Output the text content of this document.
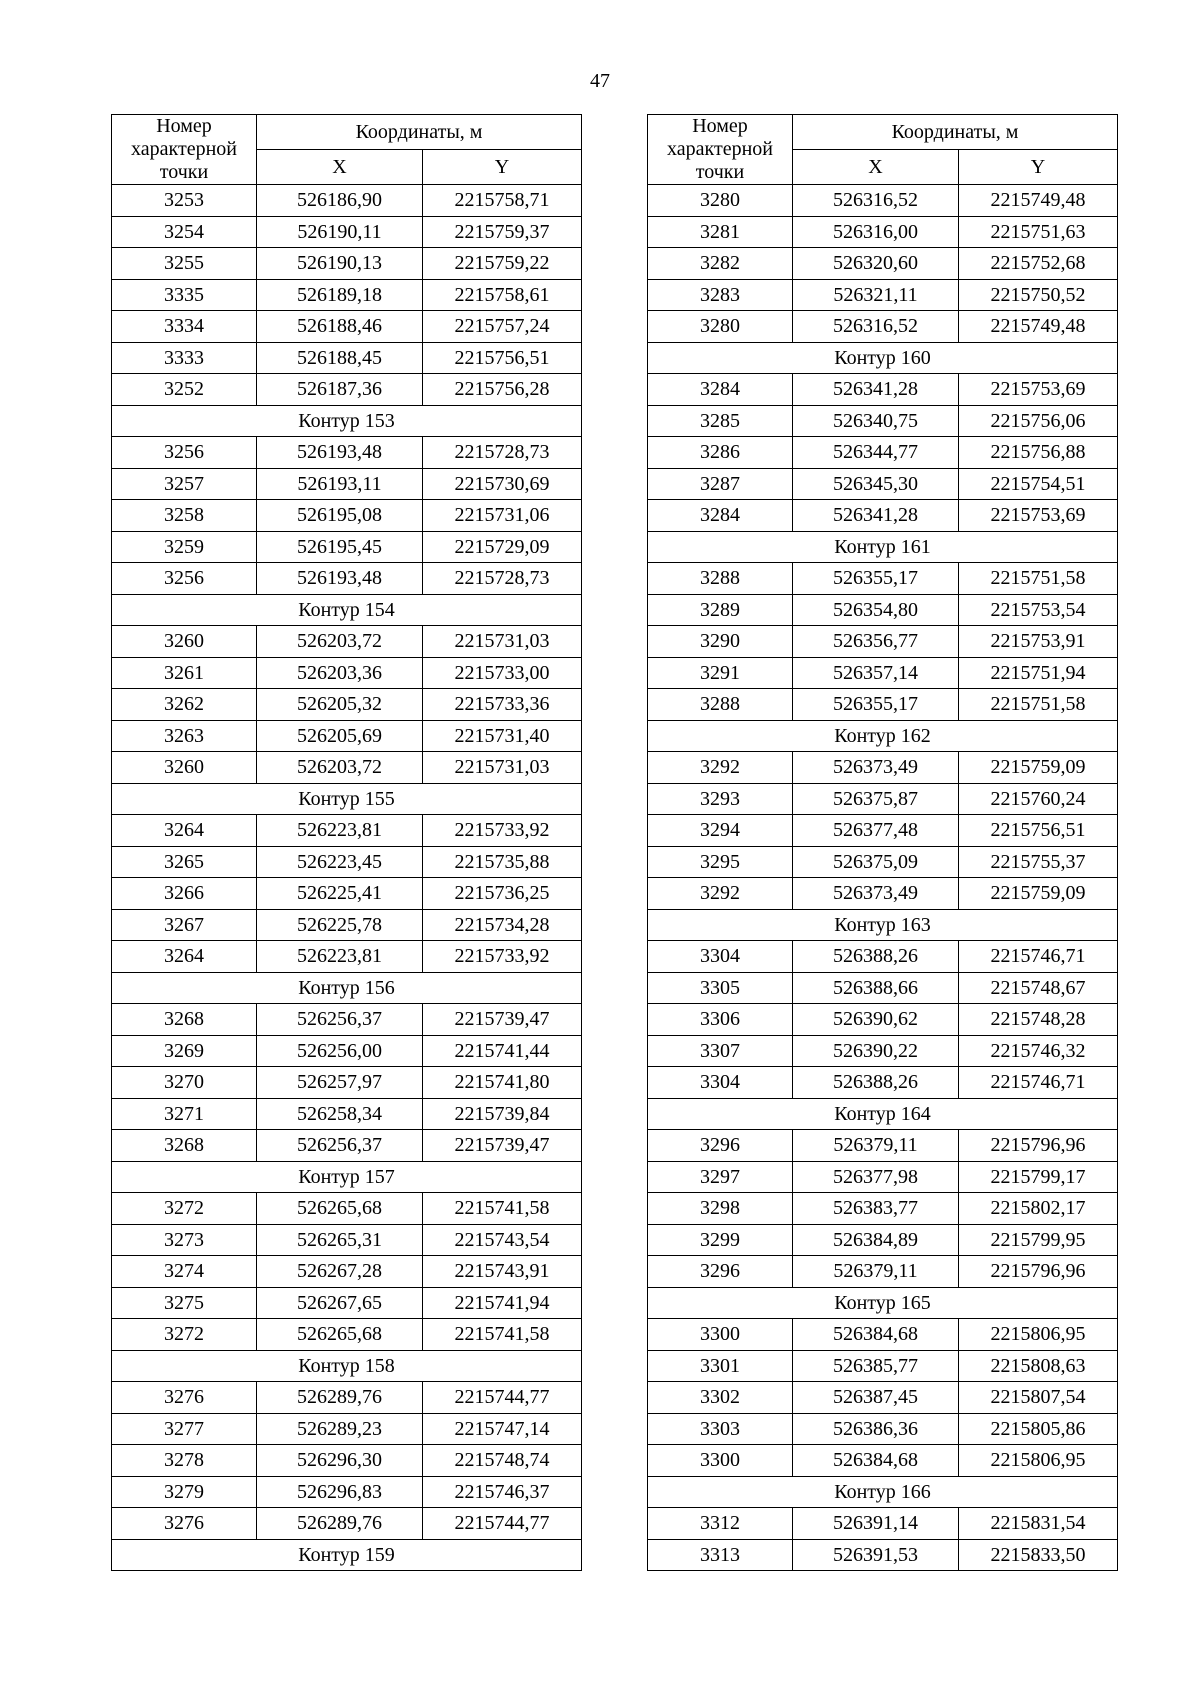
47
Номер характерной точки	Координаты, м	
	X	Y
3253	526186,90	2215758,71
3254	526190,11	2215759,37
3255	526190,13	2215759,22
3335	526189,18	2215758,61
3334	526188,46	2215757,24
3333	526188,45	2215756,51
3252	526187,36	2215756,28
Контур 153		
3256	526193,48	2215728,73
3257	526193,11	2215730,69
3258	526195,08	2215731,06
3259	526195,45	2215729,09
3256	526193,48	2215728,73
Контур 154		
3260	526203,72	2215731,03
3261	526203,36	2215733,00
3262	526205,32	2215733,36
3263	526205,69	2215731,40
3260	526203,72	2215731,03
Контур 155		
3264	526223,81	2215733,92
3265	526223,45	2215735,88
3266	526225,41	2215736,25
3267	526225,78	2215734,28
3264	526223,81	2215733,92
Контур 156		
3268	526256,37	2215739,47
3269	526256,00	2215741,44
3270	526257,97	2215741,80
3271	526258,34	2215739,84
3268	526256,37	2215739,47
Контур 157		
3272	526265,68	2215741,58
3273	526265,31	2215743,54
3274	526267,28	2215743,91
3275	526267,65	2215741,94
3272	526265,68	2215741,58
Контур 158		
3276	526289,76	2215744,77
3277	526289,23	2215747,14
3278	526296,30	2215748,74
3279	526296,83	2215746,37
3276	526289,76	2215744,77
Контур 159		
Номер характерной точки	Координаты, м	
	X	Y
3280	526316,52	2215749,48
3281	526316,00	2215751,63
3282	526320,60	2215752,68
3283	526321,11	2215750,52
3280	526316,52	2215749,48
Контур 160		
3284	526341,28	2215753,69
3285	526340,75	2215756,06
3286	526344,77	2215756,88
3287	526345,30	2215754,51
3284	526341,28	2215753,69
Контур 161		
3288	526355,17	2215751,58
3289	526354,80	2215753,54
3290	526356,77	2215753,91
3291	526357,14	2215751,94
3288	526355,17	2215751,58
Контур 162		
3292	526373,49	2215759,09
3293	526375,87	2215760,24
3294	526377,48	2215756,51
3295	526375,09	2215755,37
3292	526373,49	2215759,09
Контур 163		
3304	526388,26	2215746,71
3305	526388,66	2215748,67
3306	526390,62	2215748,28
3307	526390,22	2215746,32
3304	526388,26	2215746,71
Контур 164		
3296	526379,11	2215796,96
3297	526377,98	2215799,17
3298	526383,77	2215802,17
3299	526384,89	2215799,95
3296	526379,11	2215796,96
Контур 165		
3300	526384,68	2215806,95
3301	526385,77	2215808,63
3302	526387,45	2215807,54
3303	526386,36	2215805,86
3300	526384,68	2215806,95
Контур 166		
3312	526391,14	2215831,54
3313	526391,53	2215833,50
